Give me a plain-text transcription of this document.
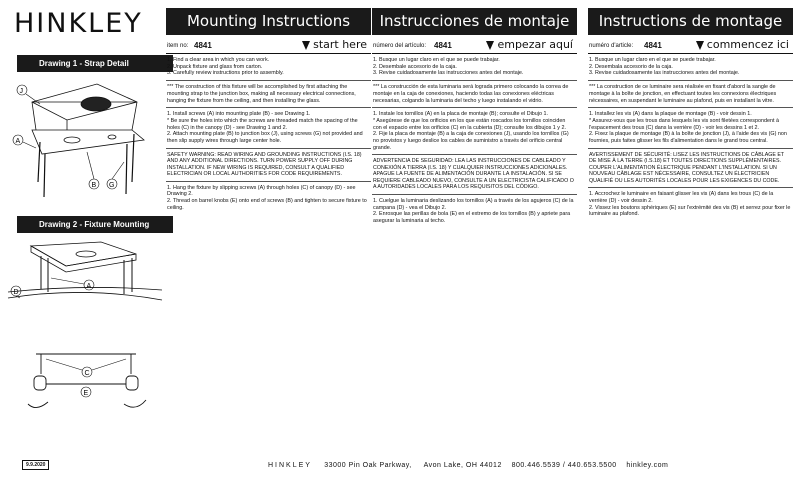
HINKLEY
Drawing 1 - Strap Detail
J
A
B G
Drawing 2 - Fixture Mounting
D
A
C
E
Mounting Instructions
item no: 4841	start here

1. Find a clear area in which you can work.

2. Unpack fixture and glass from carton.

3. Carefully review instructions prior to assembly.

*** The construction of this fixture will be accomplished by first attaching the mounting strap to the junction box, making all necessary electrical connections, hanging the fixture from the ceiling, and then installing the glass.

1. Install screws (A) into mounting plate (B) - see Drawing 1.

* Be sure the holes into which the screws are threaded match the spacing of the holes (C) in the canopy (D) - see Drawing 1 and 2.

2. Attach mounting plate (B) to junction box (J), using screws (G) not provided and then slip supply wires through large center hole.

SAFETY WARNING: READ WIRING AND GROUNDING INSTRUCTIONS (I.S. 18) AND ANY ADDITIONAL DIRECTIONS. TURN POWER SUPPLY OFF DURING INSTALLATION. IF NEW WIRING IS REQUIRED, CONSULT A QUALIFIED ELECTRICIAN OR LOCAL AUTHORITIES FOR CODE REQUIREMENTS.

1. Hang the fixture by slipping screws (A) through holes (C) of canopy (D) - see Drawing 2.

2. Thread on barrel knobs (E) onto end of screws (B) and tighten to secure fixture to ceiling.

Instrucciones de montaje
número del artículo: 4841	empezar aquí

1. Busque un lugar claro en el que se puede trabajar.

2. Desembale accesorio de la caja.

3. Revise cuidadosamente las instrucciones antes del montaje.

*** La construcción de esta luminaria será lograda primero colocando la correa de montaje en la caja de conexiones, haciendo todas las conexiones eléctricas necesarias, colgando la luminaria del techo y luego instalando el vidrio.

1. Instale los tornillos (A) en la placa de montaje (B); consulte el Dibujo 1.

* Asegúrese de que los orificios en los que están roscados los tornillos coinciden con el espacio entre los orificios (C) en la cubierta (D); consulte los dibujos 1 y 2.

2. Fije la placa de montaje (B) a la caja de conexiones (J), usando los tornillos (G) no provistos y luego deslice los cables de suministro a través del orificio central grande.

ADVERTENCIA DE SEGURIDAD: LEA LAS INSTRUCCIONES DE CABLEADO Y CONEXIÓN A TIERRA (I.S. 18) Y CUALQUIER INSTRUCCIONES ADICIONALES. APAGUE LA FUENTE DE ALIMENTACIÓN DURANTE LA INSTALACIÓN. SI SE REQUIERE CABLEADO NUEVO, CONSULTE A UN ELECTRICISTA CALIFICADO O A AUTORIDADES LOCALES PARA LOS REQUISITOS DEL CÓDIGO.

1. Cuelgue la luminaria deslizando los tornillos (A) a través de los agujeros (C) de la campana (D) - vea el Dibujo 2.

2. Enrosque las perillas de bola (E) en el extremo de los tornillos (B) y apriete para asegurar la luminaria al techo.

Instructions de montage
numéro d'article: 4841	commencez ici

1. Busque un lugar claro en el que se puede trabajar.

2. Desembala accesorio de la caja.

3. Revise cuidadosamente las instrucciones antes del montaje.

*** La construction de ce luminaire sera réalisée en fixant d'abord la sangle de montage à la boîte de jonction, en effectuant toutes les connexions électriques nécessaires, en suspendant le luminaire au plafond, puis en installant la vitre.

1. Installez les vis (A) dans la plaque de montage (B) - voir dessin 1.

* Assurez-vous que les trous dans lesquels les vis sont filetées correspondent à l'espacement des trous (C) dans la verrière (D) - voir les dessins 1 et 2.

2. Fixez la plaque de montage (B) à la boîte de jonction (J), à l'aide des vis (G) non fournies, puis faites glisser les fils d'alimentation dans le grand trou central.

AVERTISSEMENT DE SÉCURITÉ: LISEZ LES INSTRUCTIONS DE CÂBLAGE ET DE MISE À LA TERRE (I.S.18) ET TOUTES DIRECTIONS SUPPLÉMENTAIRES. COUPER L'ALIMENTATION ÉLECTRIQUE PENDANT L'INSTALLATION. SI UN NOUVEAU CÂBLAGE EST NÉCESSAIRE, CONSULTEZ UN ÉLECTRICIEN QUALIFIÉ OU LES AUTORITÉS LOCALES POUR LES EXIGENCES DU CODE.

1. Accrochez le luminaire en faisant glisser les vis (A) dans les trous (C) de la verrière (D) - voir dessin 2.

2. Vissez les boutons sphériques (E) sur l'extrémité des vis (B) et serrez pour fixer le luminaire au plafond.

9.9.2020	HINKLEY 33000 Pin Oak Parkway, Avon Lake, OH 44012 800.446.5539 / 440.653.5500 hinkley.com
